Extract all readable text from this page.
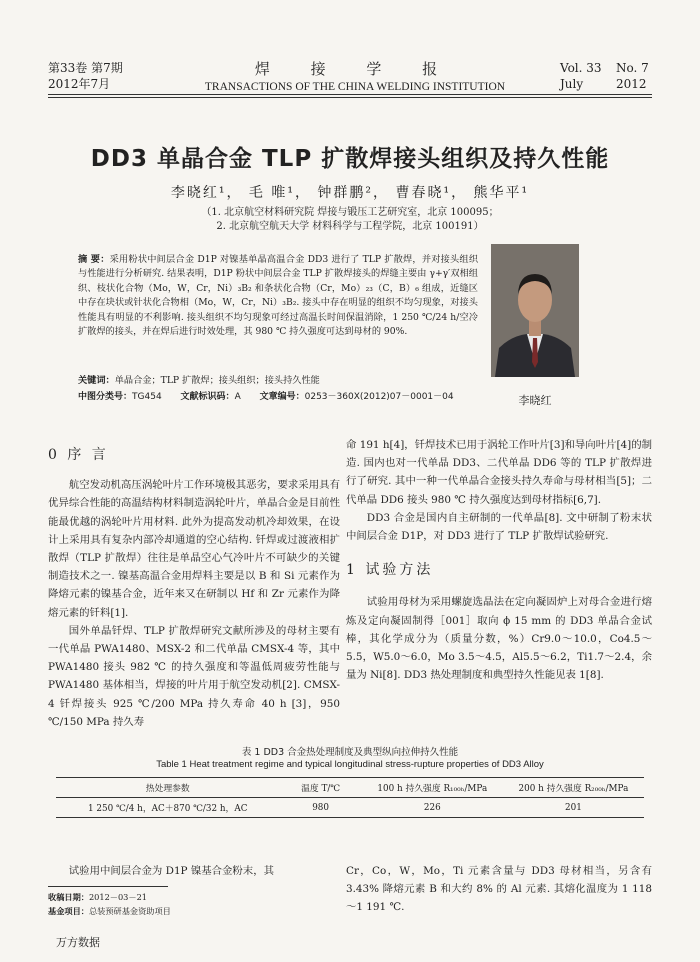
第33卷 第7期
2012年7月
焊 接 学 报
TRANSACTIONS OF THE CHINA WELDING INSTITUTION
Vol. 33 No. 7
July	2012
DD3 单晶合金 TLP 扩散焊接头组织及持久性能
李晓红¹， 毛 唯¹， 钟群鹏²， 曹春晓¹， 熊华平¹
（1. 北京航空材料研究院 焊接与锻压工艺研究室，北京 100095；
2. 北京航空航天大学 材料科学与工程学院，北京 100191）
摘 要：采用粉状中间层合金 D1P 对镍基单晶高温合金 DD3 进行了 TLP 扩散焊，并对接头组织与性能进行分析研究. 结果表明，D1P 粉状中间层合金 TLP 扩散焊接头的焊缝主要由 γ+γ′双相组织、枝状化合物（Mo，W，Cr，Ni）₃B₂ 和条状化合物（Cr，Mo）₂₃（C，B）₆ 组成，近缝区中存在块状或针状化合物相（Mo，W，Cr，Ni）₃B₂. 接头中存在明显的组织不均匀现象，对接头性能具有明显的不利影响. 接头组织不均匀现象可经过高温长时间保温消除，1 250 ℃/24 h/空冷扩散焊的接头，并在焊后进行时效处理，其 980 ℃ 持久强度可达到母材的 90%.
关键词：单晶合金；TLP 扩散焊；接头组织；接头持久性能
中图分类号：TG454 文献标识码：A 文章编号：0253－360X(2012)07－0001－04	李晓红
0 序 言

航空发动机高压涡轮叶片工作环境极其恶劣，要求采用具有优异综合性能的高温结构材料制造涡轮叶片，单晶合金是目前性能最优越的涡轮叶片用材料. 此外为提高发动机冷却效果，在设计上采用具有复杂内部冷却通道的空心结构. 钎焊或过渡液相扩散焊（TLP 扩散焊）往往是单晶空心气冷叶片不可缺少的关键制造技术之一. 镍基高温合金用焊料主要是以 B 和 Si 元素作为降熔元素的镍基合金，近年来又在研制以 Hf 和 Zr 元素作为降熔元素的钎料[1].

国外单晶钎焊、TLP 扩散焊研究文献所涉及的母材主要有一代单晶 PWA1480、MSX-2 和二代单晶 CMSX-4 等，其中 PWA1480 接头 982 ℃ 的持久强度和等温低周疲劳性能与 PWA1480 基体相当，焊接的叶片用于航空发动机[2]. CMSX-4 钎焊接头 925 ℃/200 MPa 持久寿命 40 h [3]，950 ℃/150 MPa 持久寿

命 191 h[4]，钎焊技术已用于涡轮工作叶片[3]和导向叶片[4]的制造. 国内也对一代单晶 DD3、二代单晶 DD6 等的 TLP 扩散焊进行了研究. 其中一种一代单晶合金接头持久寿命与母材相当[5]；二代单晶 DD6 接头 980 ℃ 持久强度达到母材指标[6,7].

DD3 合金是国内自主研制的一代单晶[8]. 文中研制了粉末状中间层合金 D1P，对 DD3 进行了 TLP 扩散焊试验研究.

1 试验方法

试验用母材为采用螺旋选晶法在定向凝固炉上对母合金进行熔炼及定向凝固制得［001］取向 ϕ 15 mm 的 DD3 单晶合金试棒，其化学成分为（质量分数，%）Cr9.0～10.0，Co4.5～5.5，W5.0～6.0，Mo 3.5～4.5，Al5.5～6.2，Ti1.7～2.4，余量为 Ni[8]. DD3 热处理制度和典型持久性能见表 1[8].

表 1 DD3 合金热处理制度及典型纵向拉伸持久性能
Table 1 Heat treatment regime and typical longitudinal stress-rupture properties of DD3 Alloy
热处理参数	温度 T/℃	100 h 持久强度 R₁₀₀ₕ/MPa	200 h 持久强度 R₂₀₀ₕ/MPa
1 250 ℃/4 h，AC＋870 ℃/32 h，AC	980	226	201

试验用中间层合金为 D1P 镍基合金粉末，其	Cr，Co，W，Mo，Ti 元素含量与 DD3 母材相当，另含有 3.43% 降熔元素 B 和大约 8% 的 Al 元素. 其熔化温度为 1 118～1 191 ℃.

收稿日期：2012－03－21
基金项目：总装预研基金资助项目
万方数据
